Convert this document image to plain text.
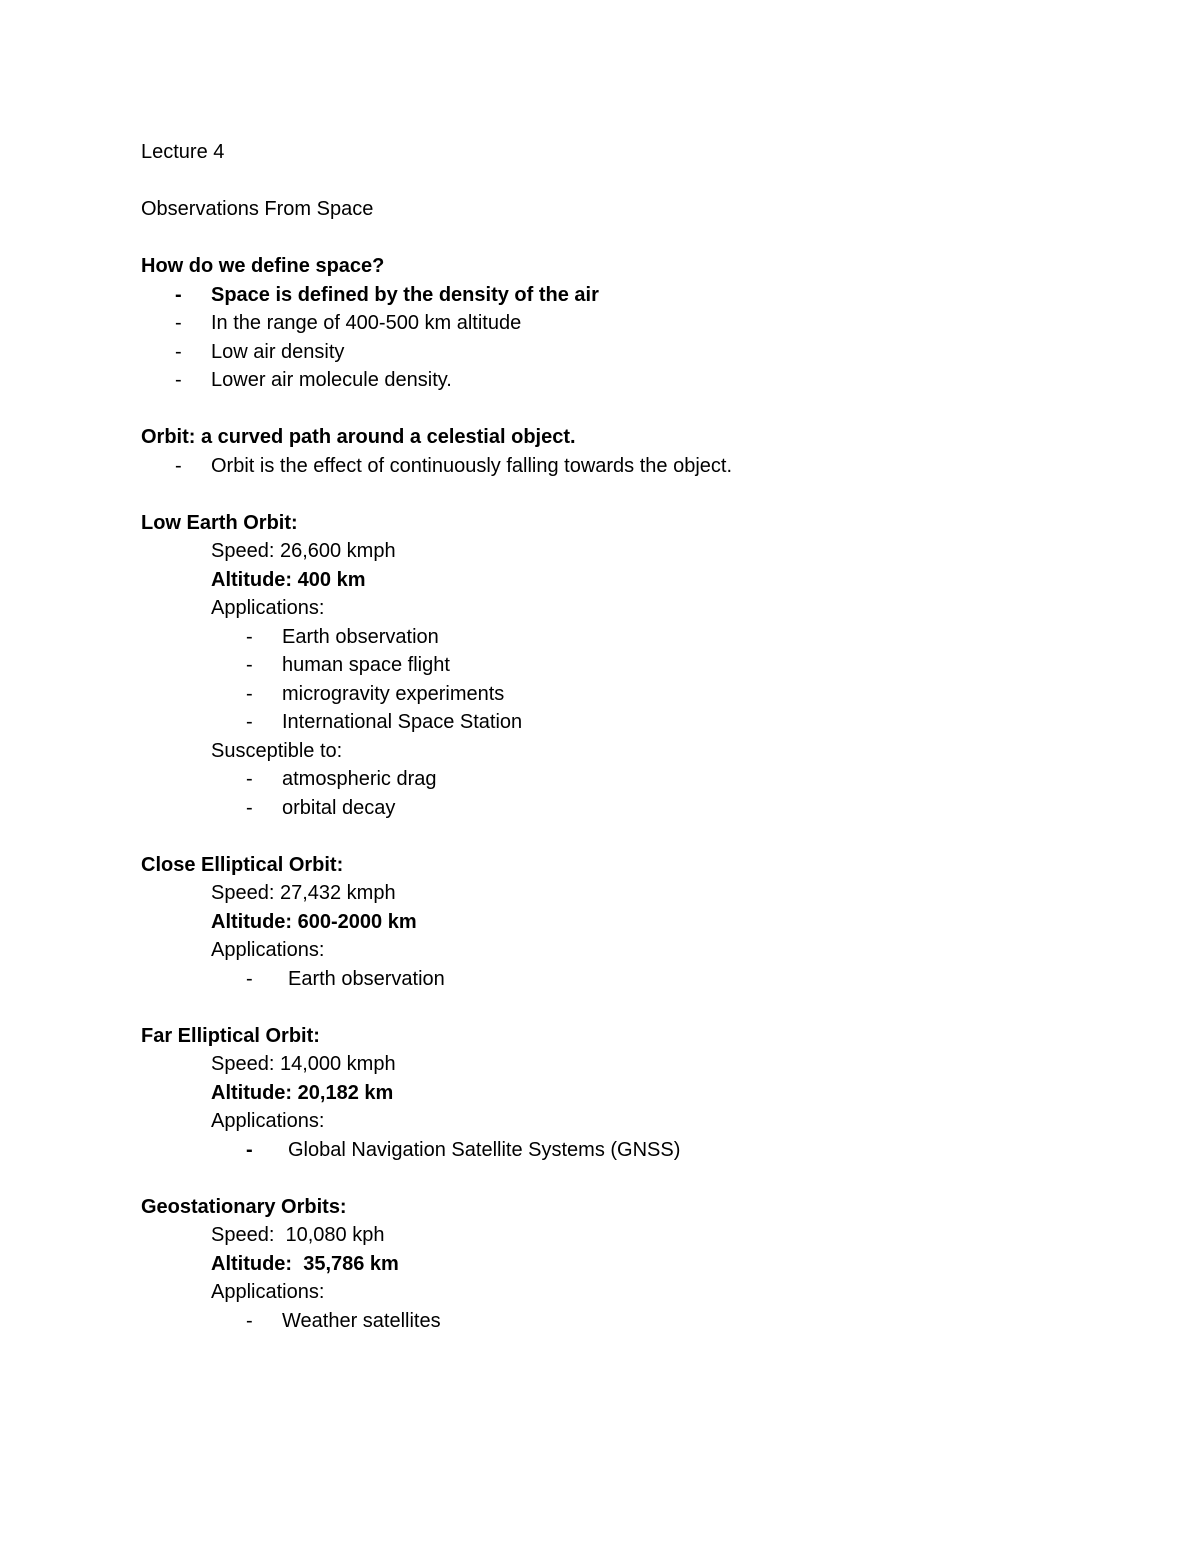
Lecture 4
Observations From Space
How do we define space?
- Space is defined by the density of the air
- In the range of 400-500 km altitude
- Low air density
- Lower air molecule density.
Orbit: a curved path around a celestial object.
- Orbit is the effect of continuously falling towards the object.
Low Earth Orbit:
Speed: 26,600 kmph
Altitude: 400 km
Applications:
- Earth observation
- human space flight
- microgravity experiments
- International Space Station
Susceptible to:
- atmospheric drag
- orbital decay
Close Elliptical Orbit:
Speed: 27,432 kmph
Altitude: 600-2000 km
Applications:
- Earth observation
Far Elliptical Orbit:
Speed: 14,000 kmph
Altitude: 20,182 km
Applications:
- Global Navigation Satellite Systems (GNSS)
Geostationary Orbits:
Speed:  10,080 kph
Altitude:  35,786 km
Applications:
- Weather satellites
